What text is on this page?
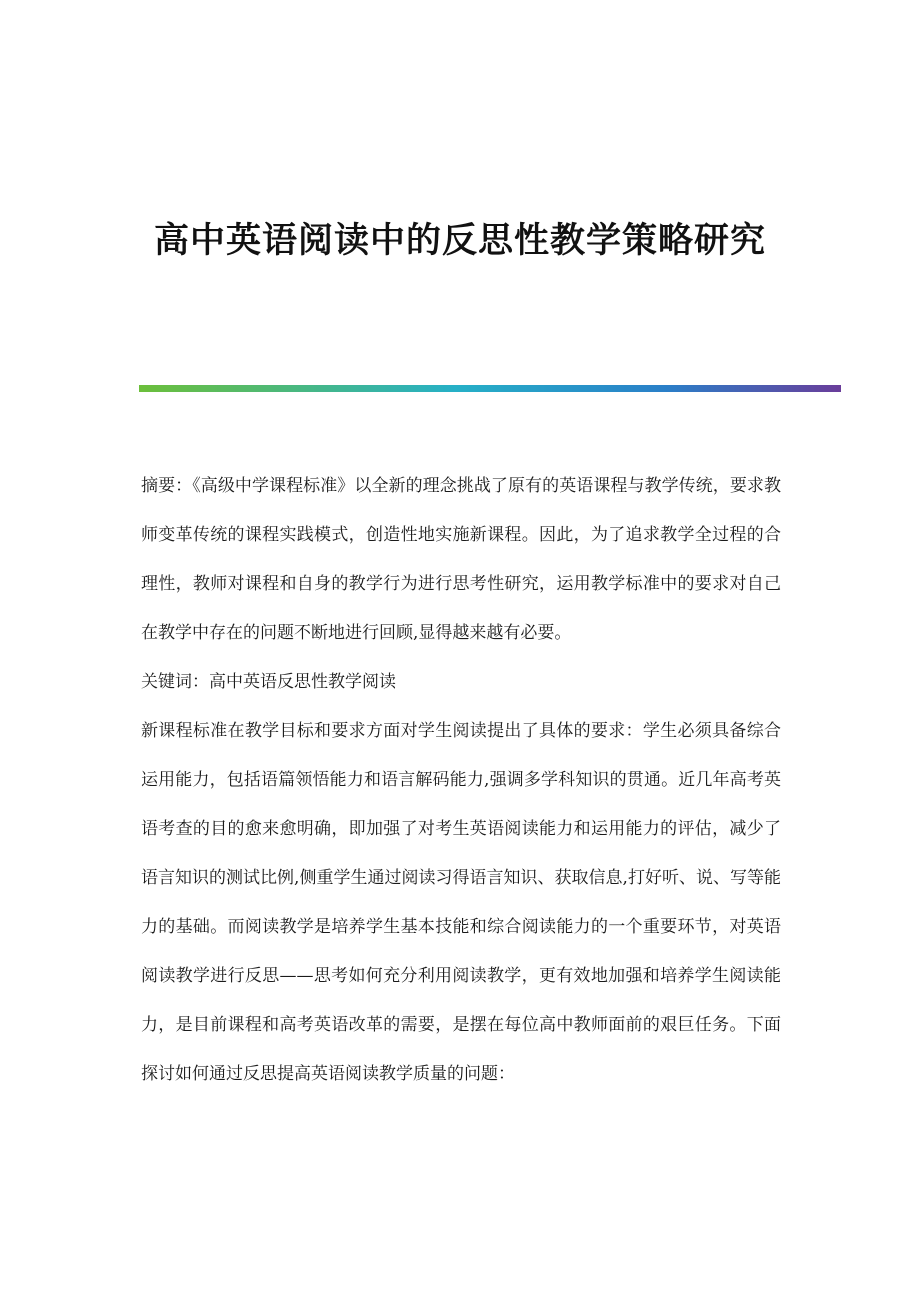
高中英语阅读中的反思性教学策略研究

摘要：《高级中学课程标准》以全新的理念挑战了原有的英语课程与教学传统，要求教师变革传统的课程实践模式，创造性地实施新课程。因此，为了追求教学全过程的合理性，教师对课程和自身的教学行为进行思考性研究，运用教学标准中的要求对自己在教学中存在的问题不断地进行回顾,显得越来越有必要。

关键词：高中英语反思性教学阅读

新课程标准在教学目标和要求方面对学生阅读提出了具体的要求：学生必须具备综合运用能力，包括语篇领悟能力和语言解码能力,强调多学科知识的贯通。近几年高考英语考查的目的愈来愈明确，即加强了对考生英语阅读能力和运用能力的评估，减少了语言知识的测试比例,侧重学生通过阅读习得语言知识、获取信息,打好听、说、写等能力的基础。而阅读教学是培养学生基本技能和综合阅读能力的一个重要环节，对英语阅读教学进行反思——思考如何充分利用阅读教学，更有效地加强和培养学生阅读能力，是目前课程和高考英语改革的需要，是摆在每位高中教师面前的艰巨任务。下面探讨如何通过反思提高英语阅读教学质量的问题：
